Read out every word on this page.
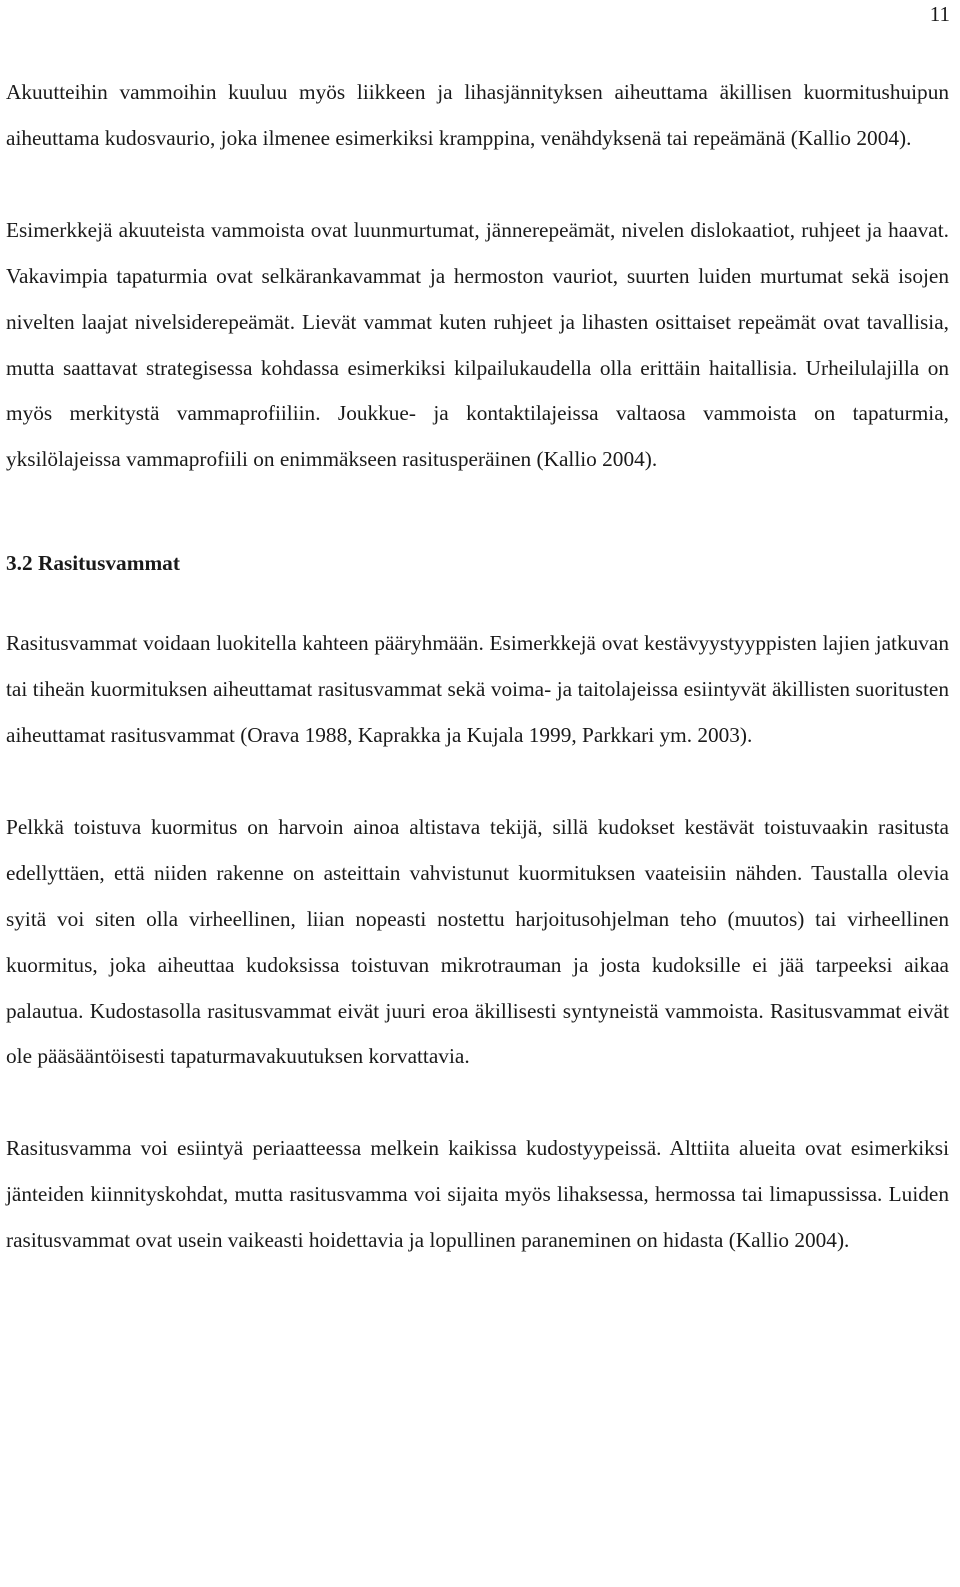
11

Akuutteihin vammoihin kuuluu myös liikkeen ja lihasjännityksen aiheuttama äkillisen kuormitushuipun aiheuttama kudosvaurio, joka ilmenee esimerkiksi kramppina, venähdyksenä tai repeämänä (Kallio 2004).

Esimerkkejä akuuteista vammoista ovat luunmurtumat, jännerepeämät, nivelen dislokaatiot, ruhjeet ja haavat. Vakavimpia tapaturmia ovat selkärankavammat ja hermoston vauriot, suurten luiden murtumat sekä isojen nivelten laajat nivelsiderepeämät. Lievät vammat kuten ruhjeet ja lihasten osittaiset repeämät ovat tavallisia, mutta saattavat strategisessa kohdassa esimerkiksi kilpailukaudella olla erittäin haitallisia. Urheilulajilla on myös merkitystä vammaprofiiliin. Joukkue- ja kontaktilajeissa valtaosa vammoista on tapaturmia, yksilölajeissa vammaprofiili on enimmäkseen rasitusperäinen (Kallio 2004).

3.2 Rasitusvammat

Rasitusvammat voidaan luokitella kahteen pääryhmään. Esimerkkejä ovat kestävyystyyppisten lajien jatkuvan tai tiheän kuormituksen aiheuttamat rasitusvammat sekä voima- ja taitolajeissa esiintyvät äkillisten suoritusten aiheuttamat rasitusvammat (Orava 1988, Kaprakka ja Kujala 1999, Parkkari ym. 2003).

Pelkkä toistuva kuormitus on harvoin ainoa altistava tekijä, sillä kudokset kestävät toistuvaakin rasitusta edellyttäen, että niiden rakenne on asteittain vahvistunut kuormituksen vaateisiin nähden. Taustalla olevia syitä voi siten olla virheellinen, liian nopeasti nostettu harjoitusohjelman teho (muutos) tai virheellinen kuormitus, joka aiheuttaa kudoksissa toistuvan mikrotrauman ja josta kudoksille ei jää tarpeeksi aikaa palautua. Kudostasolla rasitusvammat eivät juuri eroa äkillisesti syntyneistä vammoista. Rasitusvammat eivät ole pääsääntöisesti tapaturmavakuutuksen korvattavia.

Rasitusvamma voi esiintyä periaatteessa melkein kaikissa kudostyypeissä. Alttiita alueita ovat esimerkiksi jänteiden kiinnityskohdat, mutta rasitusvamma voi sijaita myös lihaksessa, hermossa tai limapussissa. Luiden rasitusvammat ovat usein vaikeasti hoidettavia ja lopullinen paraneminen on hidasta (Kallio 2004).
